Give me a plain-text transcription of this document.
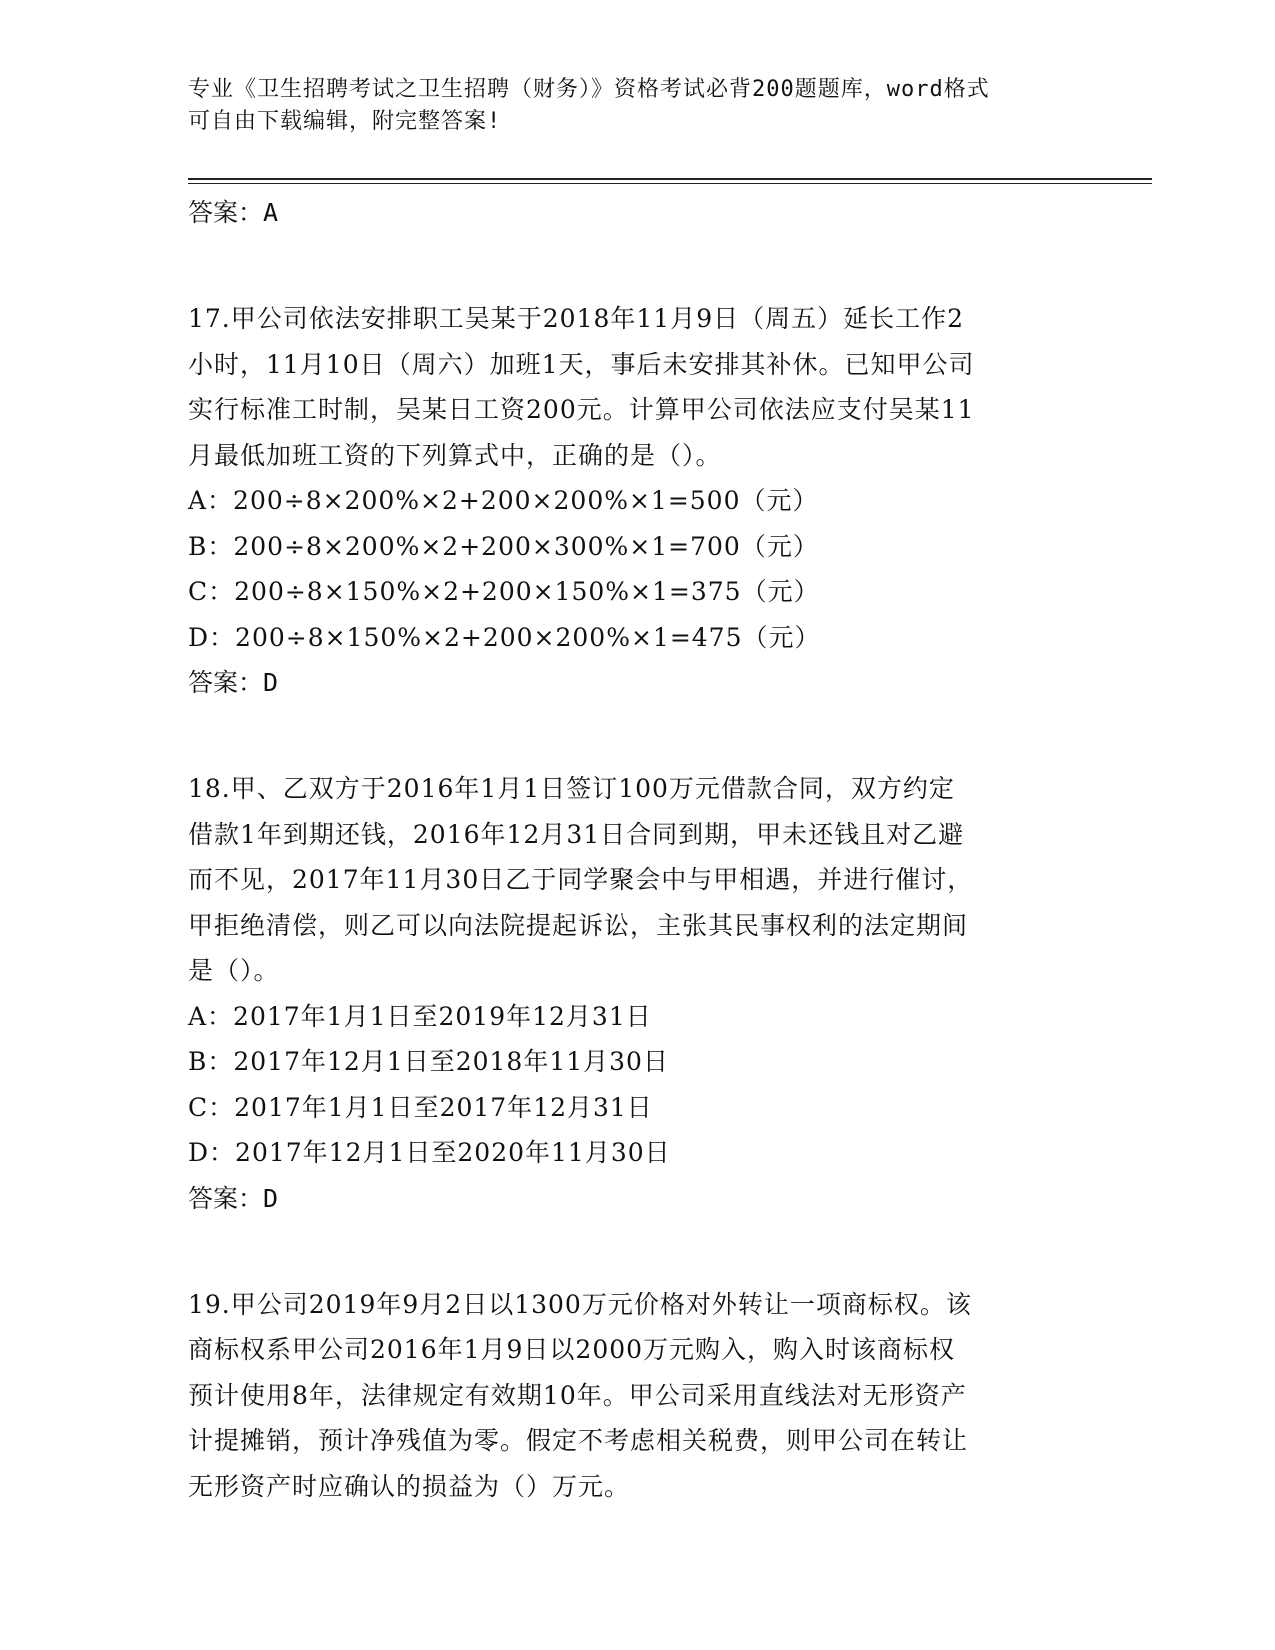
专业《卫生招聘考试之卫生招聘（财务）》资格考试必背200题题库，word格式
可自由下载编辑，附完整答案!
答案：A
17.甲公司依法安排职工吴某于2018年11月9日（周五）延长工作2
小时，11月10日（周六）加班1天，事后未安排其补休。已知甲公司
实行标准工时制，吴某日工资200元。计算甲公司依法应支付吴某11
月最低加班工资的下列算式中，正确的是（）。
A：200÷8×200%×2+200×200%×1=500（元）
B：200÷8×200%×2+200×300%×1=700（元）
C：200÷8×150%×2+200×150%×1=375（元）
D：200÷8×150%×2+200×200%×1=475（元）
答案：D
18.甲、乙双方于2016年1月1日签订100万元借款合同，双方约定
借款1年到期还钱，2016年12月31日合同到期，甲未还钱且对乙避
而不见，2017年11月30日乙于同学聚会中与甲相遇，并进行催讨，
甲拒绝清偿，则乙可以向法院提起诉讼，主张其民事权利的法定期间
是（）。
A：2017年1月1日至2019年12月31日
B：2017年12月1日至2018年11月30日
C：2017年1月1日至2017年12月31日
D：2017年12月1日至2020年11月30日
答案：D
19.甲公司2019年9月2日以1300万元价格对外转让一项商标权。该
商标权系甲公司2016年1月9日以2000万元购入，购入时该商标权
预计使用8年，法律规定有效期10年。甲公司采用直线法对无形资产
计提摊销，预计净残值为零。假定不考虑相关税费，则甲公司在转让
无形资产时应确认的损益为（）万元。
